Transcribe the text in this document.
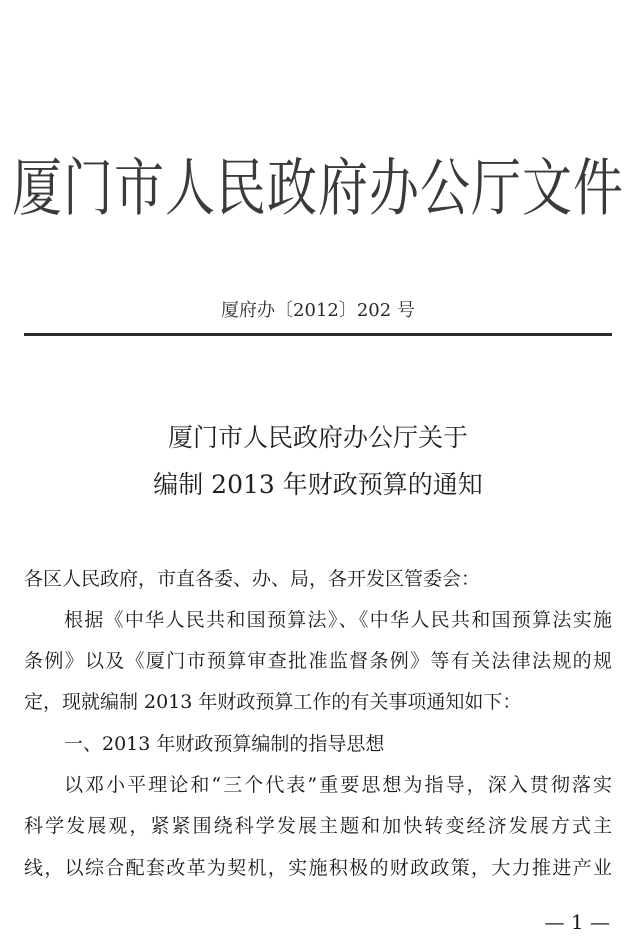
厦门市人民政府办公厅文件
厦府办〔2012〕202 号
厦门市人民政府办公厅关于
编制 2013 年财政预算的通知
各区人民政府，市直各委、办、局，各开发区管委会：
根据《中华人民共和国预算法》、《中华人民共和国预算法实施
条例》以及《厦门市预算审查批准监督条例》等有关法律法规的规
定，现就编制 2013 年财政预算工作的有关事项通知如下：
一、2013 年财政预算编制的指导思想
以邓小平理论和“三个代表”重要思想为指导，深入贯彻落实
科学发展观，紧紧围绕科学发展主题和加快转变经济发展方式主
线，以综合配套改革为契机，实施积极的财政政策，大力推进产业
— 1 —
